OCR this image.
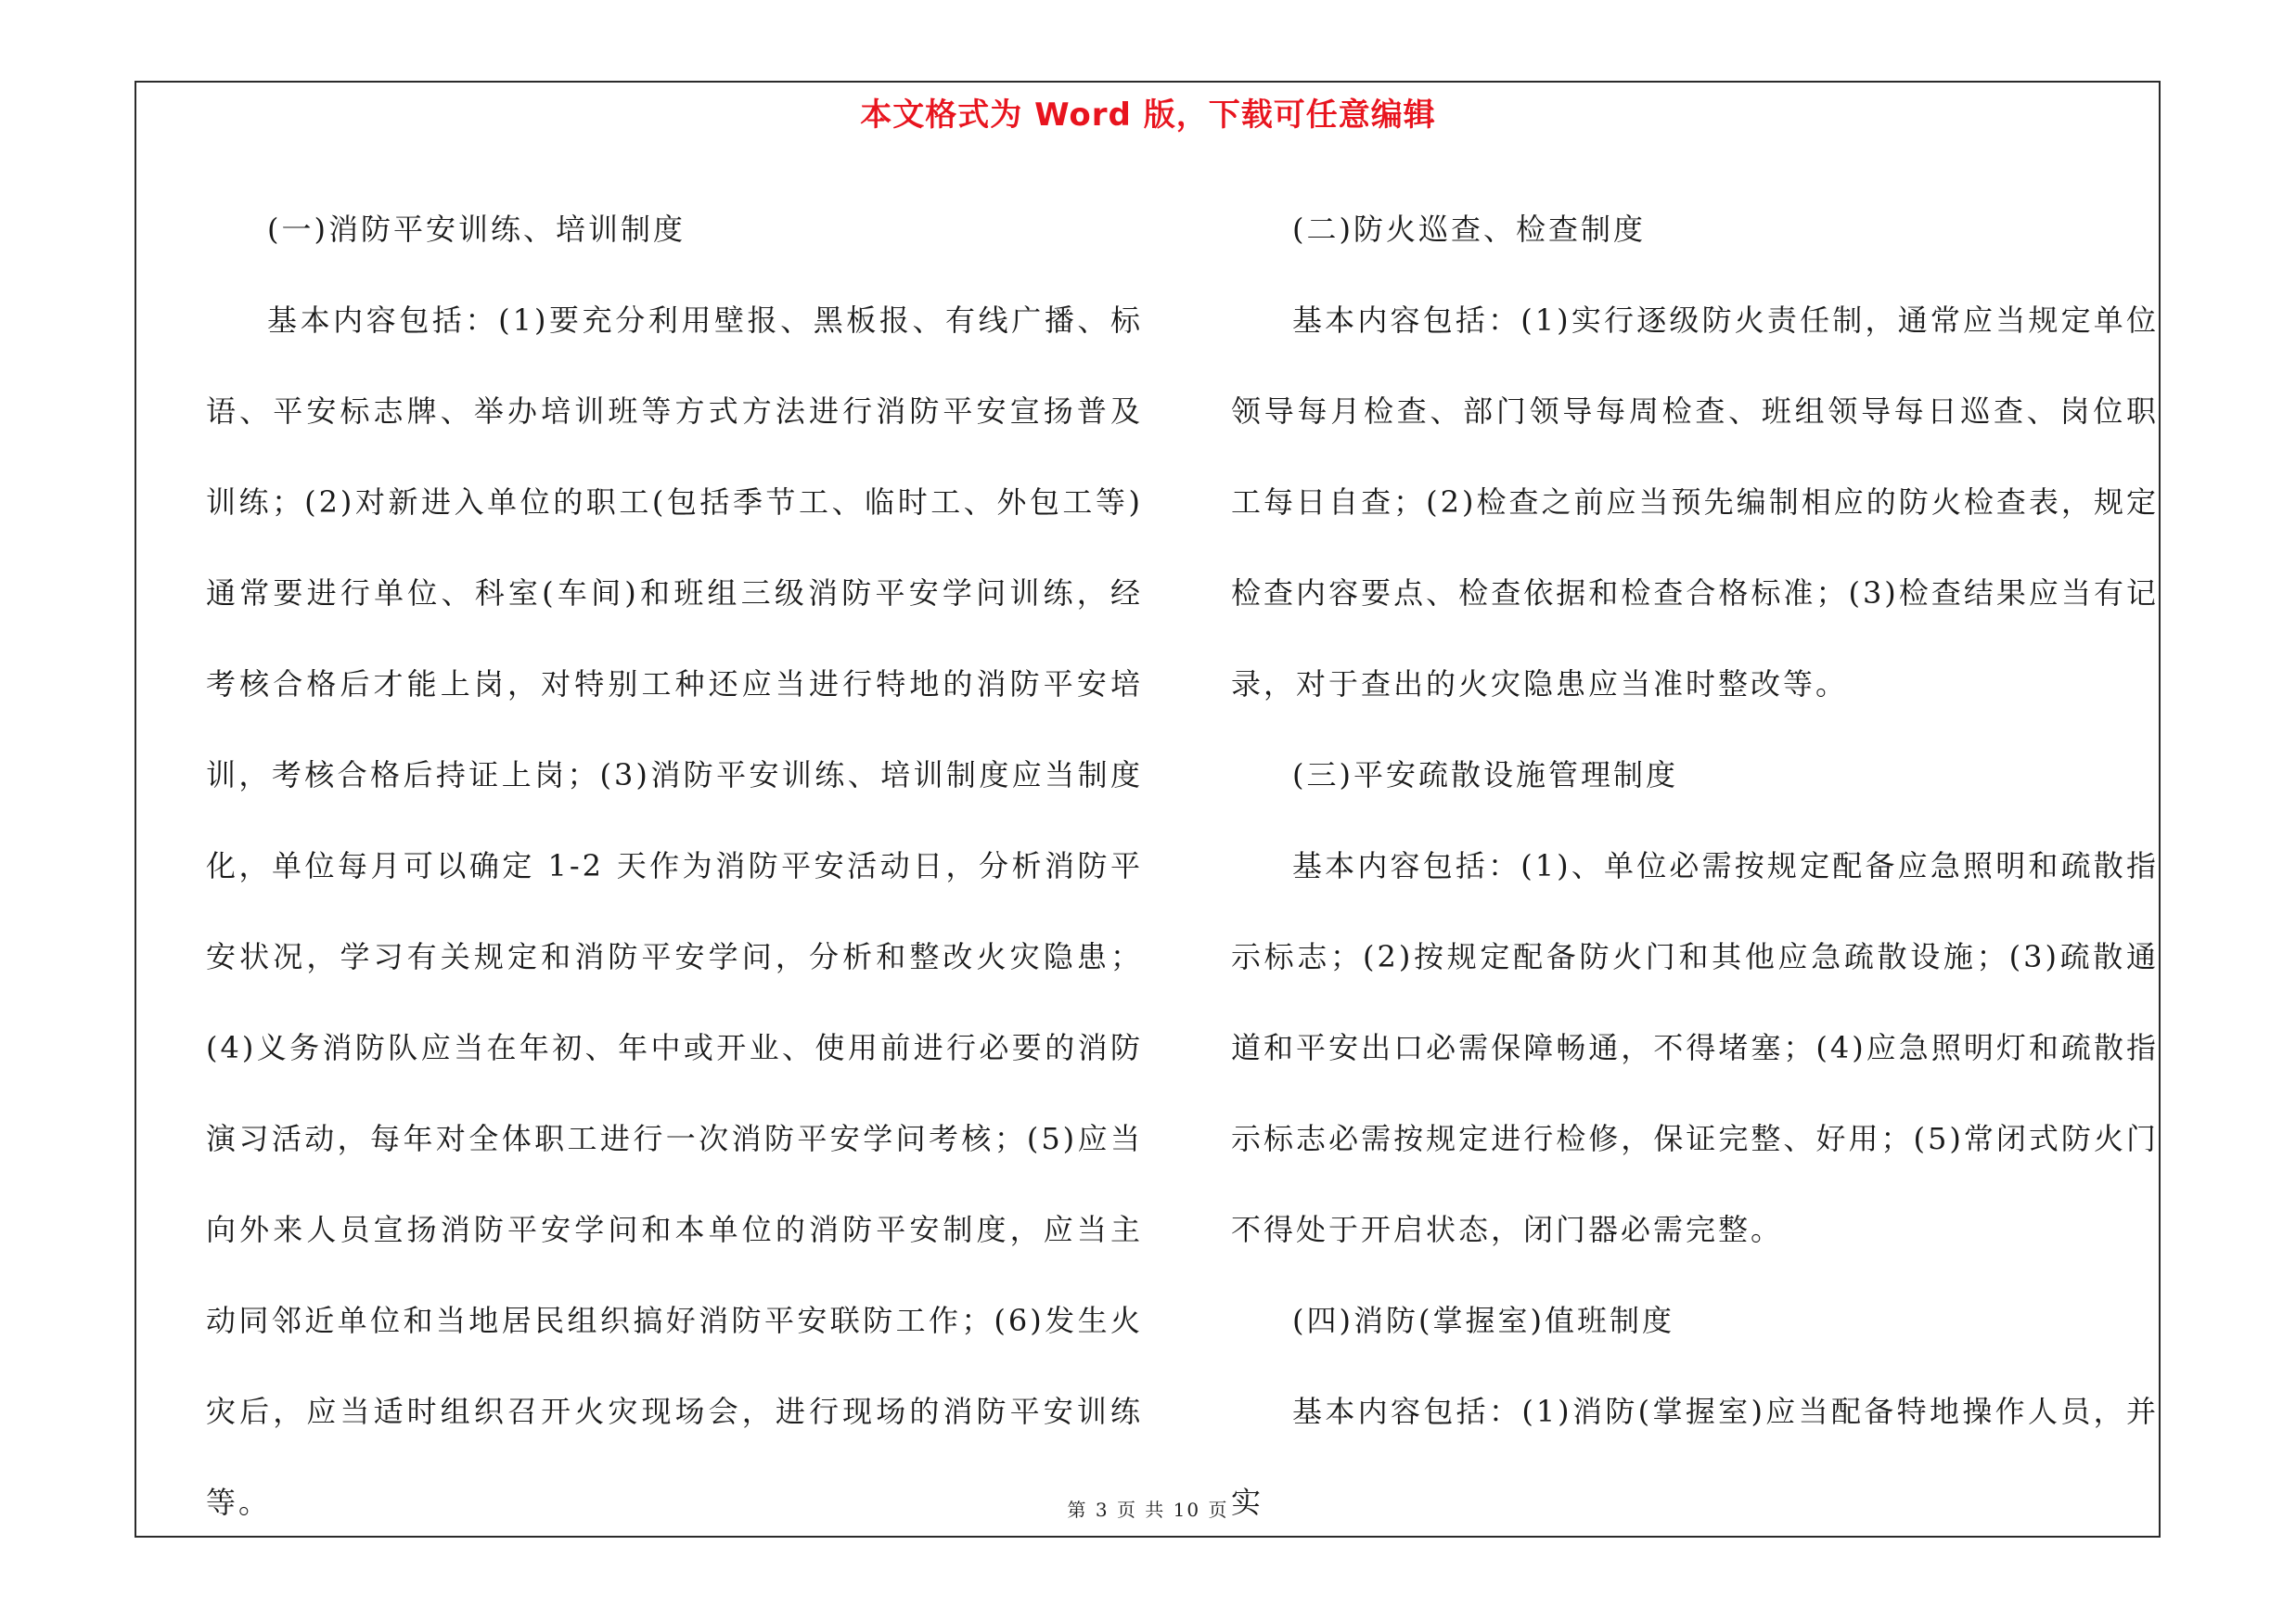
本文格式为 Word 版，下载可任意编辑

(一)消防平安训练、培训制度

基本内容包括：(1)要充分利用壁报、黑板报、有线广播、标语、平安标志牌、举办培训班等方式方法进行消防平安宣扬普及训练；(2)对新进入单位的职工(包括季节工、临时工、外包工等)通常要进行单位、科室(车间)和班组三级消防平安学问训练，经考核合格后才能上岗，对特别工种还应当进行特地的消防平安培训，考核合格后持证上岗；(3)消防平安训练、培训制度应当制度化，单位每月可以确定 1-2 天作为消防平安活动日，分析消防平安状况，学习有关规定和消防平安学问，分析和整改火灾隐患；(4)义务消防队应当在年初、年中或开业、使用前进行必要的消防演习活动，每年对全体职工进行一次消防平安学问考核；(5)应当向外来人员宣扬消防平安学问和本单位的消防平安制度，应当主动同邻近单位和当地居民组织搞好消防平安联防工作；(6)发生火灾后，应当适时组织召开火灾现场会，进行现场的消防平安训练等。

(二)防火巡查、检查制度

基本内容包括：(1)实行逐级防火责任制，通常应当规定单位领导每月检查、部门领导每周检查、班组领导每日巡查、岗位职工每日自查；(2)检查之前应当预先编制相应的防火检查表，规定检查内容要点、检查依据和检查合格标准；(3)检查结果应当有记录，对于查出的火灾隐患应当准时整改等。

(三)平安疏散设施管理制度

基本内容包括：(1)、单位必需按规定配备应急照明和疏散指示标志；(2)按规定配备防火门和其他应急疏散设施；(3)疏散通道和平安出口必需保障畅通，不得堵塞；(4)应急照明灯和疏散指示标志必需按规定进行检修，保证完整、好用；(5)常闭式防火门不得处于开启状态，闭门器必需完整。

(四)消防(掌握室)值班制度

基本内容包括：(1)消防(掌握室)应当配备特地操作人员，并实

第 3 页 共 10 页
